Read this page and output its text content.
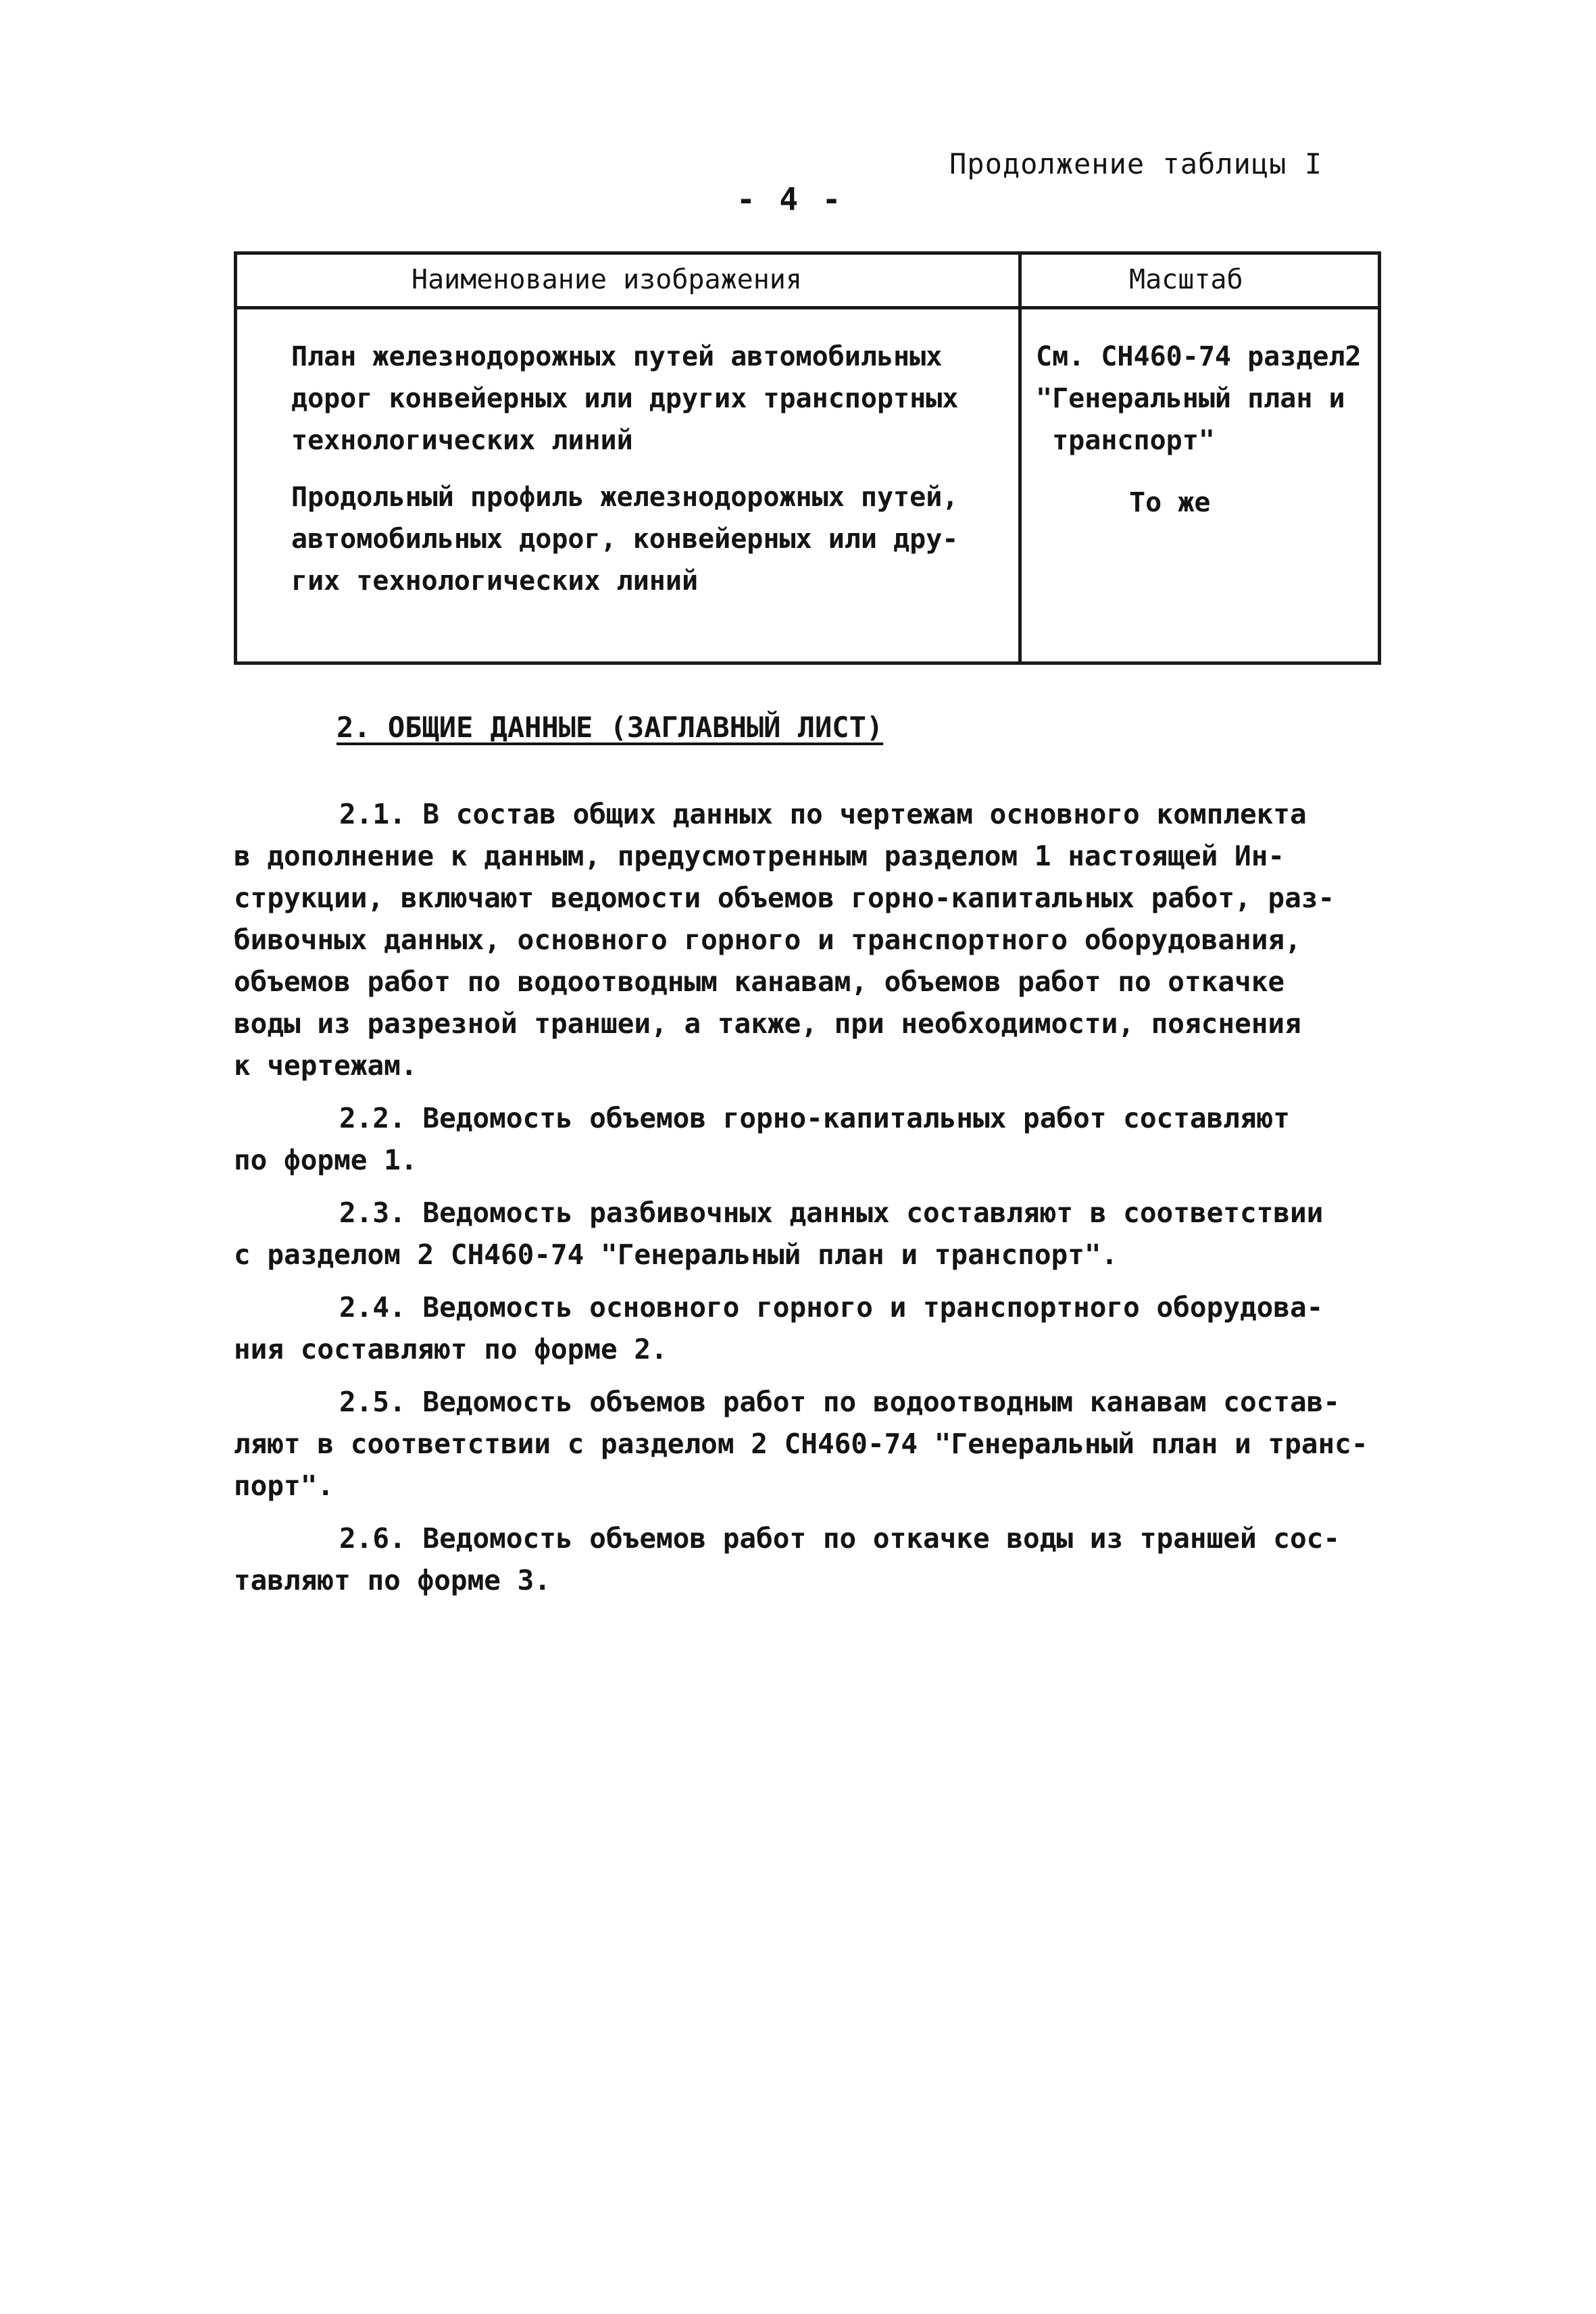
Продолжение таблицы I
- 4 -
Наименование изображения	Масштаб
План железнодорожных путей автомобильных
дорог конвейерных или других транспортных
технологических линий
См. СН460-74 раздел2
"Генеральный план и
транспорт"
Продольный профиль железнодорожных путей,
автомобильных дорог, конвейерных или дру-
гих технологических линий
То же
2. ОБЩИЕ ДАННЫЕ (ЗАГЛАВНЫЙ ЛИСТ)
2.1. В состав общих данных по чертежам основного комплекта
в дополнение к данным, предусмотренным разделом 1 настоящей Ин-
струкции, включают ведомости объемов горно-капитальных работ, раз-
бивочных данных, основного горного и транспортного оборудования,
объемов работ по водоотводным канавам, объемов работ по откачке
воды из разрезной траншеи, а также, при необходимости, пояснения
к чертежам.
2.2. Ведомость объемов горно-капитальных работ составляют
по форме 1.
2.3. Ведомость разбивочных данных составляют в соответствии
с разделом 2 СН460-74 "Генеральный план и транспорт".
2.4. Ведомость основного горного и транспортного оборудова-
ния составляют по форме 2.
2.5. Ведомость объемов работ по водоотводным канавам состав-
ляют в соответствии с разделом 2 СН460-74 "Генеральный план и транс-
порт".
2.6. Ведомость объемов работ по откачке воды из траншей сос-
тавляют по форме 3.
